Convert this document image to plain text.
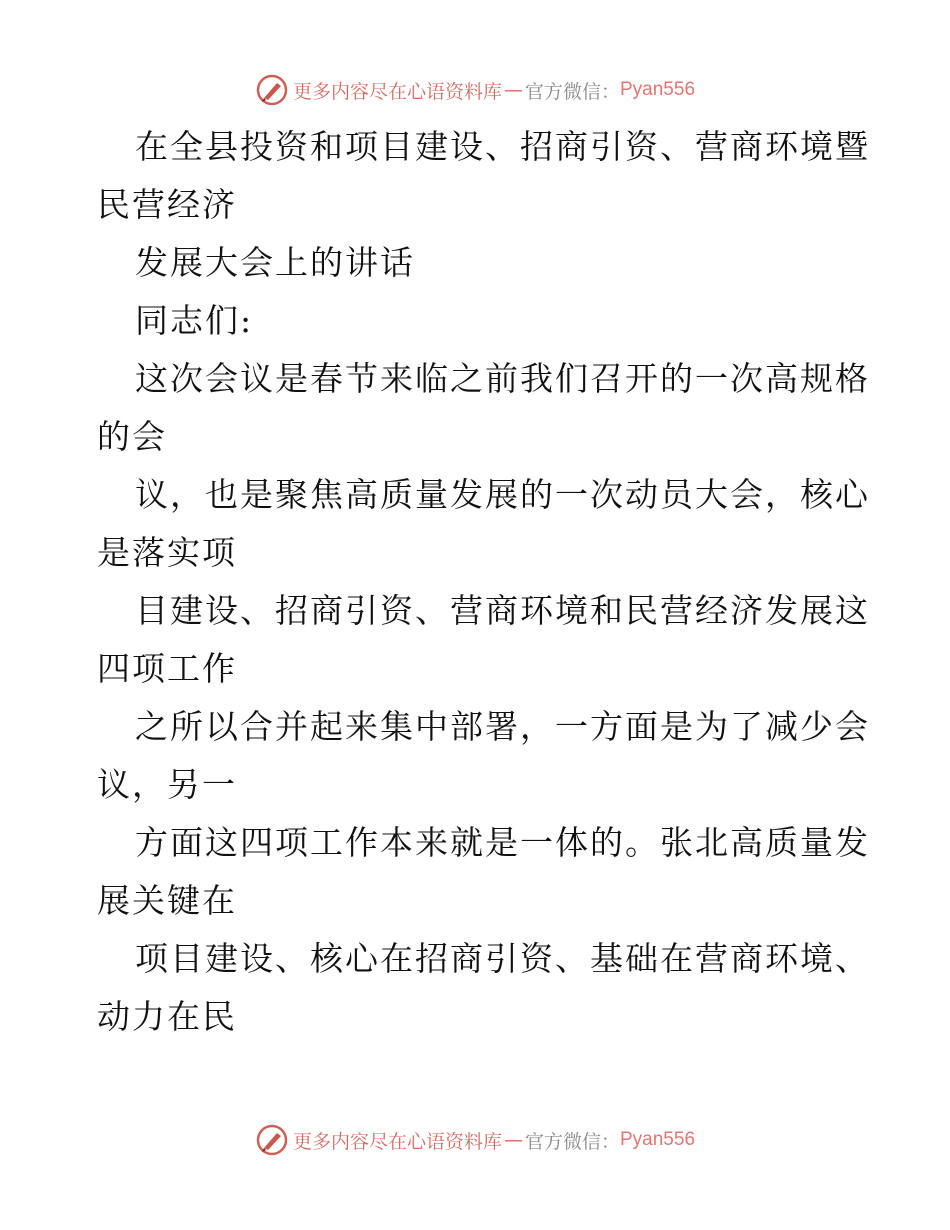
更多内容尽在心语资料库 — 官方微信： Pyan556
在全县投资和项目建设、招商引资、营商环境暨
民营经济
发展大会上的讲话
同志们:
这次会议是春节来临之前我们召开的一次高规格
的会
议，也是聚焦高质量发展的一次动员大会，核心
是落实项
目建设、招商引资、营商环境和民营经济发展这
四项工作
之所以合并起来集中部署，一方面是为了减少会
议，另一
方面这四项工作本来就是一体的。张北高质量发
展关键在
项目建设、核心在招商引资、基础在营商环境、
动力在民
更多内容尽在心语资料库 — 官方微信： Pyan556
